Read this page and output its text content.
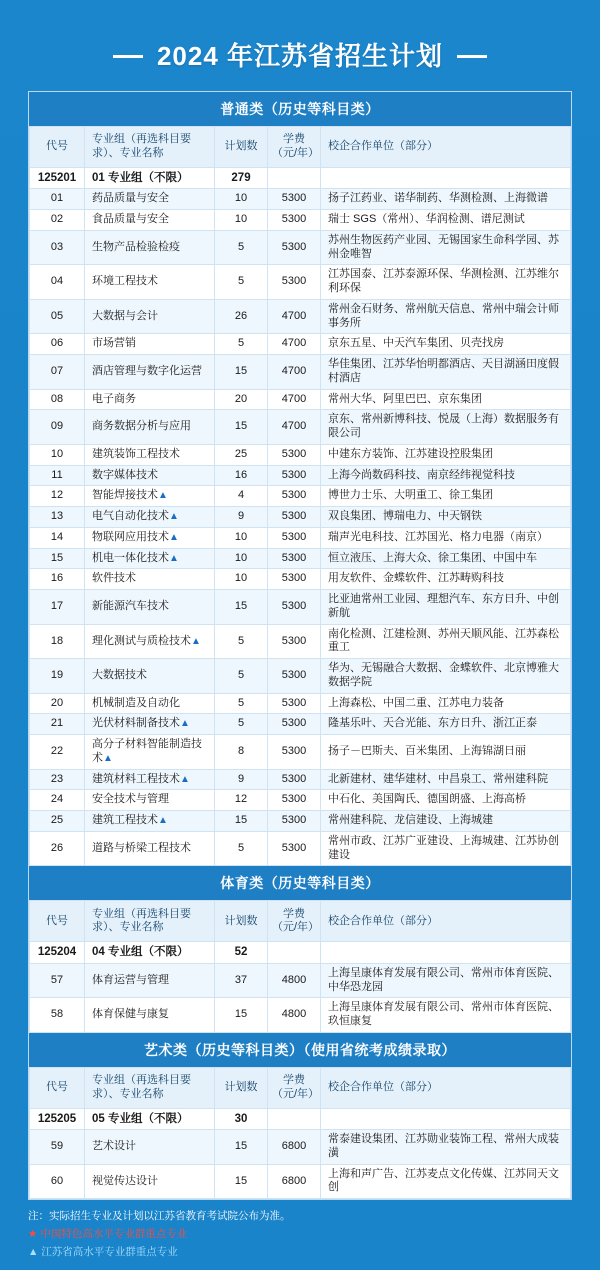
2024 年江苏省招生计划
普通类（历史等科目类）
代号	专业组（再选科目要求）、专业名称	计划数	学费
（元/年）	校企合作单位（部分）
125201	01 专业组（不限）	279		
01	药品质量与安全	10	5300	扬子江药业、诺华制药、华测检测、上海微谱
02	食品质量与安全	10	5300	瑞士 SGS（常州）、华润检测、谱尼测试
03	生物产品检验检疫	5	5300	苏州生物医药产业园、无锡国家生命科学园、苏州金唯智
04	环境工程技术	5	5300	江苏国泰、江苏泰源环保、华测检测、江苏维尔利环保
05	大数据与会计	26	4700	常州金石财务、常州航天信息、常州中瑞会计师事务所
06	市场营销	5	4700	京东五星、中天汽车集团、贝壳找房
07	酒店管理与数字化运营	15	4700	华佳集团、江苏华怡明都酒店、天目湖涵田度假村酒店
08	电子商务	20	4700	常州大华、阿里巴巴、京东集团
09	商务数据分析与应用	15	4700	京东、常州新博科技、悦晟（上海）数据服务有限公司
10	建筑装饰工程技术	25	5300	中建东方装饰、江苏建设控股集团
11	数字媒体技术	16	5300	上海今尚数码科技、南京经纬视觉科技
12	智能焊接技术▲	4	5300	博世力士乐、大明重工、徐工集团
13	电气自动化技术▲	9	5300	双良集团、博瑞电力、中天钢铁
14	物联网应用技术▲	10	5300	瑞声光电科技、江苏国光、格力电器（南京）
15	机电一体化技术▲	10	5300	恒立液压、上海大众、徐工集团、中国中车
16	软件技术	10	5300	用友软件、金蝶软件、江苏畴购科技
17	新能源汽车技术	15	5300	比亚迪常州工业园、理想汽车、东方日升、中创新航
18	理化测试与质检技术▲	5	5300	南化检测、江建检测、苏州天顺风能、江苏森松重工
19	大数据技术	5	5300	华为、无锡融合大数据、金蝶软件、北京博雅大数据学院
20	机械制造及自动化	5	5300	上海森松、中国二重、江苏电力装备
21	光伏材料制备技术▲	5	5300	隆基乐叶、天合光能、东方日升、浙江正泰
22	高分子材料智能制造技术▲	8	5300	扬子－巴斯夫、百米集团、上海锦湖日丽
23	建筑材料工程技术▲	9	5300	北新建材、建华建材、中昌泉工、常州建科院
24	安全技术与管理	12	5300	中石化、美国陶氏、德国朗盛、上海高桥
25	建筑工程技术▲	15	5300	常州建科院、龙信建设、上海城建
26	道路与桥梁工程技术	5	5300	常州市政、江苏广亚建设、上海城建、江苏协创建设
体育类（历史等科目类）
代号	专业组（再选科目要求）、专业名称	计划数	学费
（元/年）	校企合作单位（部分）
125204	04 专业组（不限）	52		
57	体育运营与管理	37	4800	上海呈康体育发展有限公司、常州市体育医院、中华恐龙园
58	体育保健与康复	15	4800	上海呈康体育发展有限公司、常州市体育医院、玖恒康复
艺术类（历史等科目类）（使用省统考成绩录取）
代号	专业组（再选科目要求）、专业名称	计划数	学费
（元/年）	校企合作单位（部分）
125205	05 专业组（不限）	30		
59	艺术设计	15	6800	常泰建设集团、江苏勋业装饰工程、常州大成装潢
60	视觉传达设计	15	6800	上海和声广告、江苏麦点文化传媒、江苏同天文创
注：实际招生专业及计划以江苏省教育考试院公布为准。
★ 中国特色高水平专业群重点专业
▲ 江苏省高水平专业群重点专业
